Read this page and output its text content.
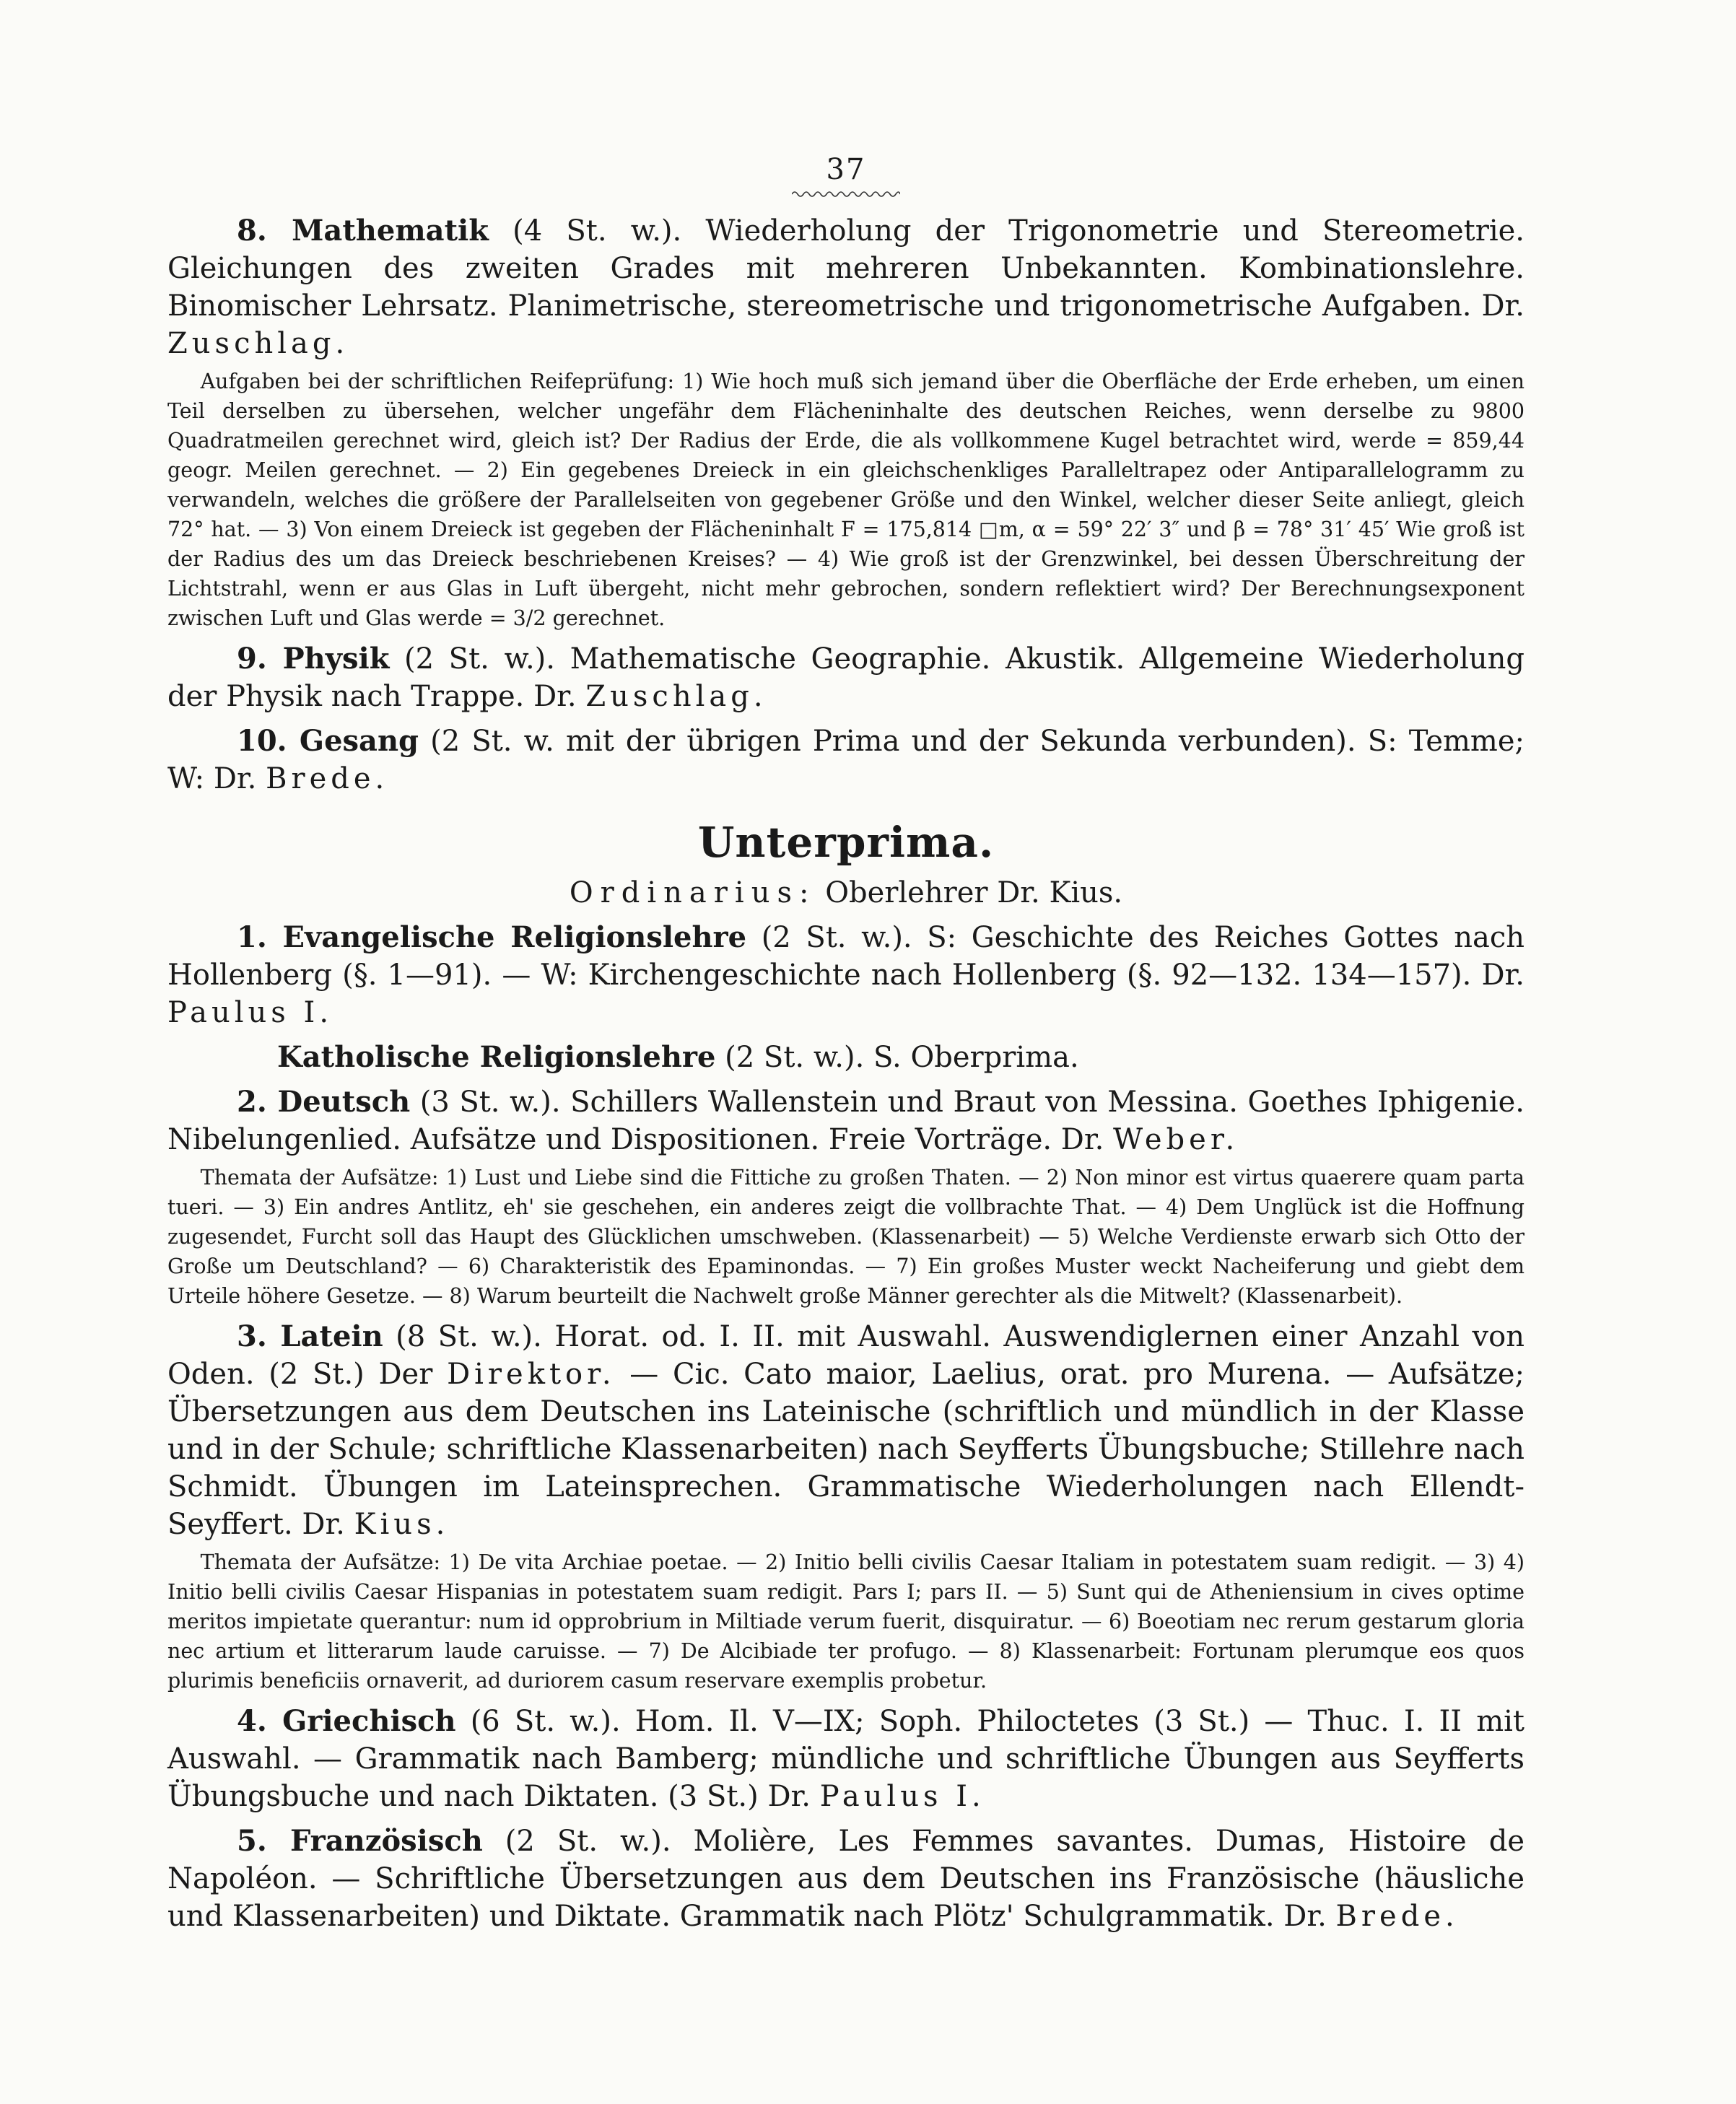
37

8. Mathematik (4 St. w.). Wiederholung der Trigonometrie und Stereometrie. Gleichungen des zweiten Grades mit mehreren Unbekannten. Kombinationslehre. Binomischer Lehrsatz. Planimetrische, stereometrische und trigonometrische Aufgaben. Dr. Zuschlag.

Aufgaben bei der schriftlichen Reifeprüfung: 1) Wie hoch muß sich jemand über die Oberfläche der Erde erheben, um einen Teil derselben zu übersehen, welcher ungefähr dem Flächeninhalte des deutschen Reiches, wenn derselbe zu 9800 Quadratmeilen gerechnet wird, gleich ist? Der Radius der Erde, die als vollkommene Kugel betrachtet wird, werde = 859,44 geogr. Meilen gerechnet. — 2) Ein gegebenes Dreieck in ein gleichschenkliges Paralleltrapez oder Antiparallelogramm zu verwandeln, welches die größere der Parallelseiten von gegebener Größe und den Winkel, welcher dieser Seite anliegt, gleich 72° hat. — 3) Von einem Dreieck ist gegeben der Flächeninhalt F = 175,814 □m, α = 59° 22′ 3″ und β = 78° 31′ 45′ Wie groß ist der Radius des um das Dreieck beschriebenen Kreises? — 4) Wie groß ist der Grenzwinkel, bei dessen Überschreitung der Lichtstrahl, wenn er aus Glas in Luft übergeht, nicht mehr gebrochen, sondern reflektiert wird? Der Berechnungsexponent zwischen Luft und Glas werde = 3/2 gerechnet.

9. Physik (2 St. w.). Mathematische Geographie. Akustik. Allgemeine Wiederholung der Physik nach Trappe. Dr. Zuschlag.

10. Gesang (2 St. w. mit der übrigen Prima und der Sekunda verbunden). S: Temme; W: Dr. Brede.

Unterprima.
Ordinarius: Oberlehrer Dr. Kius.

1. Evangelische Religionslehre (2 St. w.). S: Geschichte des Reiches Gottes nach Hollenberg (§. 1—91). — W: Kirchengeschichte nach Hollenberg (§. 92—132. 134—157). Dr. Paulus I.

Katholische Religionslehre (2 St. w.). S. Oberprima.

2. Deutsch (3 St. w.). Schillers Wallenstein und Braut von Messina. Goethes Iphigenie. Nibelungenlied. Aufsätze und Dispositionen. Freie Vorträge. Dr. Weber.

Themata der Aufsätze: 1) Lust und Liebe sind die Fittiche zu großen Thaten. — 2) Non minor est virtus quaerere quam parta tueri. — 3) Ein andres Antlitz, eh' sie geschehen, ein anderes zeigt die vollbrachte That. — 4) Dem Unglück ist die Hoffnung zugesendet, Furcht soll das Haupt des Glücklichen umschweben. (Klassenarbeit) — 5) Welche Verdienste erwarb sich Otto der Große um Deutschland? — 6) Charakteristik des Epaminondas. — 7) Ein großes Muster weckt Nacheiferung und giebt dem Urteile höhere Gesetze. — 8) Warum beurteilt die Nachwelt große Männer gerechter als die Mitwelt? (Klassenarbeit).

3. Latein (8 St. w.). Horat. od. I. II. mit Auswahl. Auswendiglernen einer Anzahl von Oden. (2 St.) Der Direktor. — Cic. Cato maior, Laelius, orat. pro Murena. — Aufsätze; Übersetzungen aus dem Deutschen ins Lateinische (schriftlich und mündlich in der Klasse und in der Schule; schriftliche Klassenarbeiten) nach Seyfferts Übungsbuche; Stillehre nach Schmidt. Übungen im Lateinsprechen. Grammatische Wiederholungen nach Ellendt-Seyffert. Dr. Kius.

Themata der Aufsätze: 1) De vita Archiae poetae. — 2) Initio belli civilis Caesar Italiam in potestatem suam redigit. — 3) 4) Initio belli civilis Caesar Hispanias in potestatem suam redigit. Pars I; pars II. — 5) Sunt qui de Atheniensium in cives optime meritos impietate querantur: num id opprobrium in Miltiade verum fuerit, disquiratur. — 6) Boeotiam nec rerum gestarum gloria nec artium et litterarum laude caruisse. — 7) De Alcibiade ter profugo. — 8) Klassenarbeit: Fortunam plerumque eos quos plurimis beneficiis ornaverit, ad duriorem casum reservare exemplis probetur.

4. Griechisch (6 St. w.). Hom. Il. V—IX; Soph. Philoctetes (3 St.) — Thuc. I. II mit Auswahl. — Grammatik nach Bamberg; mündliche und schriftliche Übungen aus Seyfferts Übungsbuche und nach Diktaten. (3 St.) Dr. Paulus I.

5. Französisch (2 St. w.). Molière, Les Femmes savantes. Dumas, Histoire de Napoléon. — Schriftliche Übersetzungen aus dem Deutschen ins Französische (häusliche und Klassenarbeiten) und Diktate. Grammatik nach Plötz' Schulgrammatik. Dr. Brede.
